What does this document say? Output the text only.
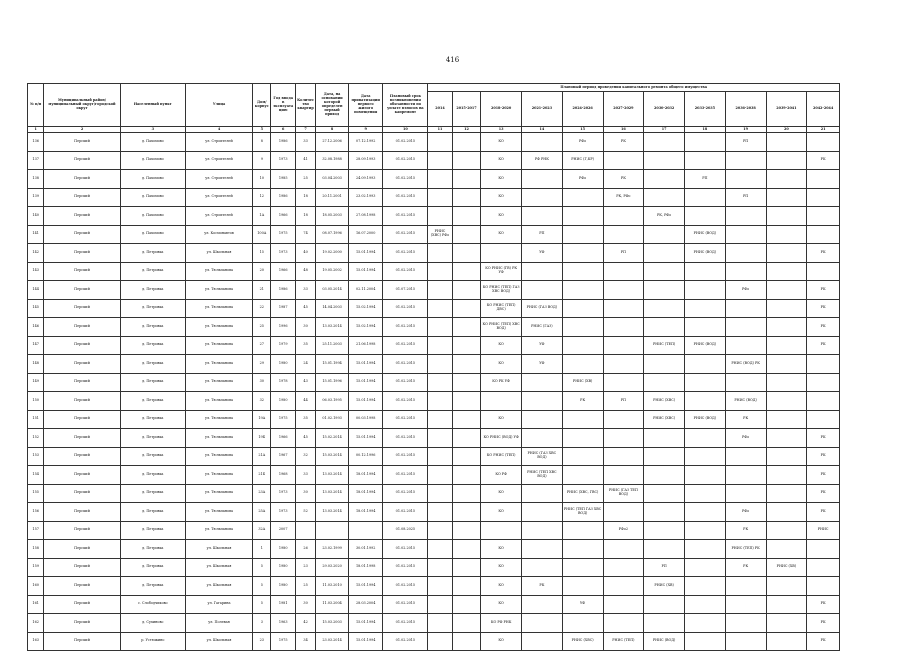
416
№ п/п	Муниципальный район/муниципальный округ/городской округ	Населенный пункт	Улица	Дом/корпус	Год ввода в эксплуатацию	Количество квартир	Дата, на основании которой определен первый приход	Дата приватизации первого жилого помещения	Плановый срок возникновения обязанности по уплате взносов на капремонт	Плановый период проведения капитального ремонта общего имущества										
										2014	2015-2017	2018-2020	2021-2023	2024-2026	2027-2029	2030-2032	2033-2035	2036-2038	2039-2041	2042-2044
1	2	3	4	5	6	7	8	9	10	11	12	13	14	15	16	17	18	19	20	21
136	Перский	д. Пахомово	ул. Строителей	8	1986	33	27.12.2006	07.12.1992	01.02.2015			КО		РФо	РК			РП		
137	Перский	д. Пахомово	ул. Строителей	9	1973	41	32.08.1988	28.09.1993	01.02.2015			КО	РФ РНК	РНИС (Г,КР)						РК
138	Перский	д. Пахомово	ул. Строителей	10	1985	25	03.04.2003	24.09.1993	01.02.2015			КО		РФо	РК		РП			
139	Перский	д. Пахомово	ул. Строителей	12	1986	18	20.11.2001	23.02.1993	01.02.2015			КО			РК, РФо			РП		
140	Перский	д. Пахомово	ул. Строителей	1А	1966	18	18.05.2003	27.08.1998	01.02.2015			КО				РК, РФо				
141	Перский	д. Пахомово	ул. Космонавтов	100А	1975	74	08.07.1996	16.07.2000	01.02.2015	РНИС (ХВС) РФо		КО	РП				РНИС (ВОД)			
142	Перский	д. Петровка	ул. Школьная	15	1973	40	19.02.2000	15.01.1994	01.02.2015				УФ		РП		РНИС (ВОД)			РК
143	Перский	д. Петровка	ул. Тюльпанова	20	1966	48	19.05.2002	15.01.1994	01.02.2015			КО РНИС (ГВ) РК УФ								
144	Перский	д. Петровка	ул. Тюльпанова	21	1986	33	03.05.2014	02.11.2004	01.07.2015			КО РНИС (ТЕП) ГАЗ ХВС ВОД)						РФо		РК
145	Перский	д. Петровка	ул. Тюльпанова	22	1987	45	14.04.2003	15.02.1994	01.02.2015			КО РНИС (ТЕП) ДВС)	РНИС (ГАЗ ВОД)							РК
146	Перский	д. Петровка	ул. Тюльпанова	25	1996	30	13.03.2014	15.02.1994	01.02.2015			КО РНИС (ТЕП) ХВС ВОД)	РНИС (ГАЗ)							РК
147	Перский	д. Петровка	ул. Тюльпанова	27	1979	35	25.11.2003	21.06.1998	01.02.2015			КО	УФ			РНИС (ТЕП)	РНИС (ВОД)			РК
148	Перский	д. Петровка	ул. Тюльпанова	29	1980	24	15.01.1994	15.01.1994	01.02.2015			КО	УФ					РНИС (ВОД) РК		
149	Перский	д. Петровка	ул. Тюльпанова	30	1978	43	15.01.1996	15.01.1994	01.02.2015			КО РК УФ		РНИС (ХВ)						
150	Перский	д. Петровка	ул. Тюльпанова	32	1980	44	06.03.1995	15.01.1994	01.02.2015					РК	РП	РНИС (ХВС)		РНИС (ВОД)		
151	Перский	д. Петровка	ул. Тюльпанова	19А	1975	35	01.02.1993	00.03.1998	01.02.2015			КО				РНИС (ХВС)	РНИС (ВОД)	РК		
152	Перский	д. Петровка	ул. Тюльпанова	19Б	1966	45	15.02.2014	15.01.1994	01.02.2015			КО РНИС (ВОД) УФ						РФо		РК
153	Перский	д. Петровка	ул. Тюльпанова	21А	1967	32	15.03.2014	00.12.1996	01.02.2015			КО РНИС (ТЕП)	РНИС (ГАЗ ХВС ВОД)							РК
154	Перский	д. Петровка	ул. Тюльпанова	21Б	1968	33	13.03.2014	18.01.1994	01.02.2015			КО РФ	РНИС (ТЕП ХВС ВОД)							РК
155	Перский	д. Петровка	ул. Тюльпанова	23А	1973	30	13.03.2014	18.01.1994	01.02.2015			КО		РНИС (ХВС, ГВС)	РНИС (ГАЗ ТЕП ВОД)					РК
156	Перский	д. Петровка	ул. Тюльпанова	25А	1973	52	13.03.2014	18.01.1994	01.02.2015			КО		РНИС (ТЕП ГАЗ ХВС ВОД)				РФо		РК
157	Перский	д. Петровка	ул. Тюльпанова	32А	2007				01.08.2025						РФо2			РК		РНИС
158	Перский	д. Петровка	ул. Школьная	1	1980	26	23.02.1999	30.01.1992	01.02.2015			КО						РНИС (ТЕП) РК		
159	Перский	д. Петровка	ул. Школьная	5	1980	23	29.03.2020	18.01.1998	01.02.2015			КО				РП		РК	РНИС (ХВ)	
160	Перский	д. Петровка	ул. Школьная	5	1980	25	11.03.2010	15.01.1994	01.02.2015			КО	РК			РНИС (ХВ)				
161	Перский	с. Слободчиково	ул. Гагарина	5	1981	30	11.03.2004	28.03.2004	01.02.2015			КО		УФ						РК
162	Перский	д. Сухиново	ул. Полевая	3	1963	42	15.03.2003	15.01.1994	01.02.2015			КО РФ РНК								РК
163	Перский	р. Устюжино	ул. Школьная	23	1975	34	23.03.2014	15.01.1994	01.02.2015			КО		РНИС (ХВС)	РНИС (ТЕП)	РНИС (ВОД)				РК
